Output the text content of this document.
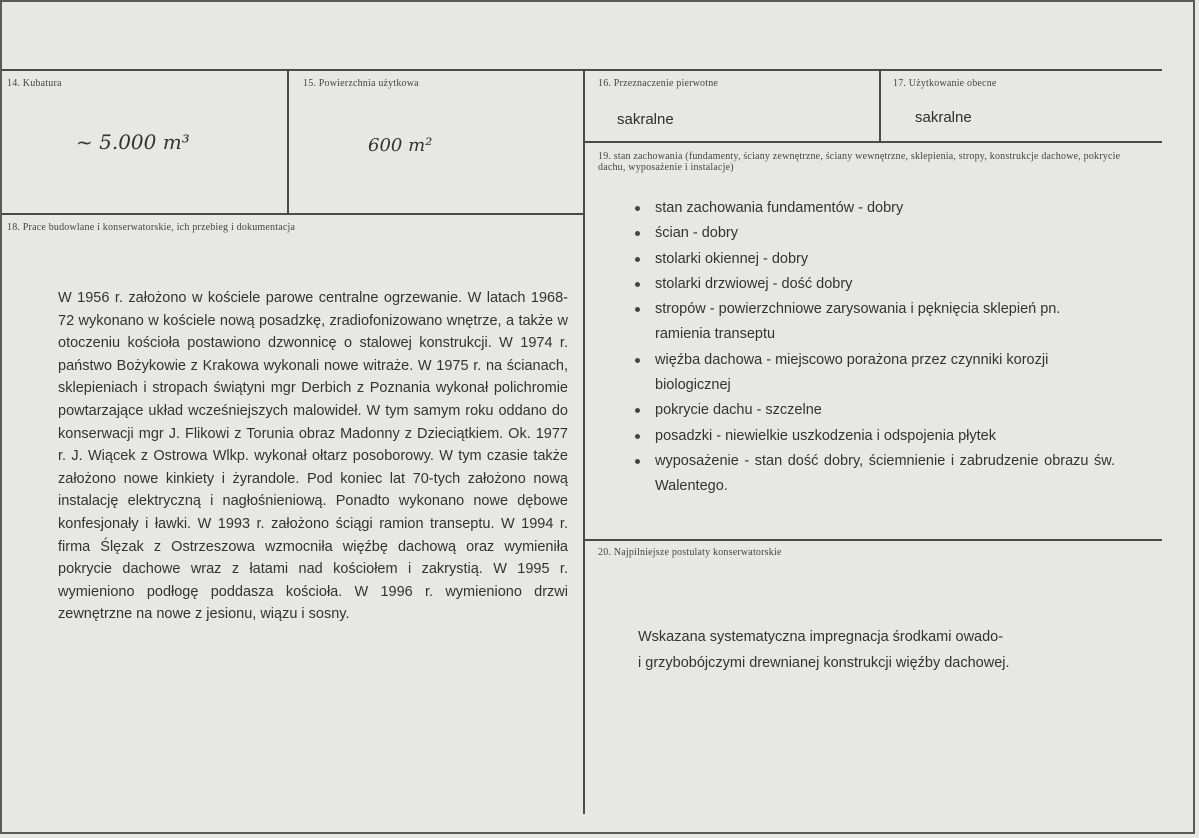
14. Kubatura
~ 5.000 m³
15. Powierzchnia użytkowa
600 m²
16. Przeznaczenie pierwotne
sakralne
17. Użytkowanie obecne
sakralne
18. Prace budowlane i konserwatorskie, ich przebieg i dokumentacja
W 1956 r. założono w kościele parowe centralne ogrzewanie. W latach 1968-72 wykonano w kościele nową posadzkę, zradiofonizowano wnętrze, a także w otoczeniu kościoła postawiono dzwonnicę o stalowej konstrukcji. W 1974 r. państwo Bożykowie z Krakowa wykonali nowe witraże. W 1975 r. na ścianach, sklepieniach i stropach świątyni mgr Derbich z Poznania wykonał polichromie powtarzające układ wcześniejszych malowideł. W tym samym roku oddano do konserwacji mgr J. Flikowi z Torunia obraz Madonny z Dzieciątkiem. Ok. 1977 r. J. Wiącek z Ostrowa Wlkp. wykonał ołtarz posoborowy. W tym czasie także założono nowe kinkiety i żyrandole. Pod koniec lat 70-tych założono nową instalację elektryczną i nagłośnieniową. Ponadto wykonano nowe dębowe konfesjonały i ławki. W 1993 r. założono ściągi ramion transeptu. W 1994 r. firma Ślęzak z Ostrzeszowa wzmocniła więźbę dachową oraz wymieniła pokrycie dachowe wraz z łatami nad kościołem i zakrystią. W 1995 r. wymieniono podłogę poddasza kościoła. W 1996 r. wymieniono drzwi zewnętrzne na nowe z jesionu, wiązu i sosny.
19. stan zachowania (fundamenty, ściany zewnętrzne, ściany wewnętrzne, sklepienia, stropy, konstrukcje dachowe, pokrycie dachu, wyposażenie i instalacje)
stan zachowania fundamentów - dobry
ścian - dobry
stolarki okiennej - dobry
stolarki drzwiowej - dość dobry
stropów - powierzchniowe zarysowania i pęknięcia sklepień pn. ramienia transeptu
więźba dachowa - miejscowo porażona przez czynniki korozji biologicznej
pokrycie dachu - szczelne
posadzki - niewielkie uszkodzenia i odspojenia płytek
wyposażenie - stan dość dobry, ściemnienie i zabrudzenie obrazu św. Walentego.
20. Najpilniejsze postulaty konserwatorskie
Wskazana systematyczna impregnacja środkami owado-
i grzybobójczymi drewnianej konstrukcji więźby dachowej.
